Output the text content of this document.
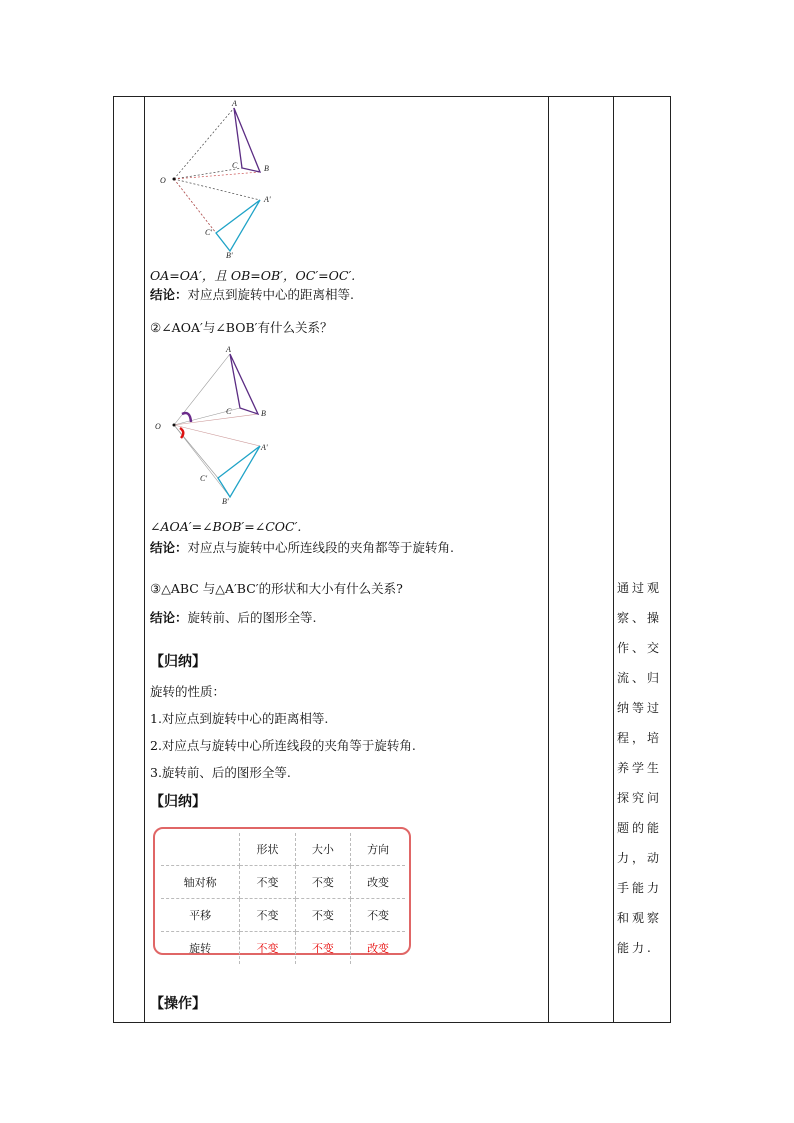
A
C	B
O
A'
C'
B'
OA=OA′，且 OB=OB′，OC′=OC′.
结论：对应点到旋转中心的距离相等.
②∠AOA′与∠BOB′有什么关系？
A
C	B
O
A'
C'
B'
∠AOA′=∠BOB′=∠COC′.
结论：对应点与旋转中心所连线段的夹角都等于旋转角.
③△ABC 与△A′BC′的形状和大小有什么关系?
结论：旋转前、后的图形全等.
【归纳】
旋转的性质：
1.对应点到旋转中心的距离相等.
2.对应点与旋转中心所连线段的夹角等于旋转角.
3.旋转前、后的图形全等.
【归纳】
	形状	大小	方向
轴对称	不变	不变	改变
平移	不变	不变	不变
旋转	不变	不变	改变
【操作】
通过观察、操作、交流、归纳等过程，培养学生探究问题的能力，动手能力和观察能力.
